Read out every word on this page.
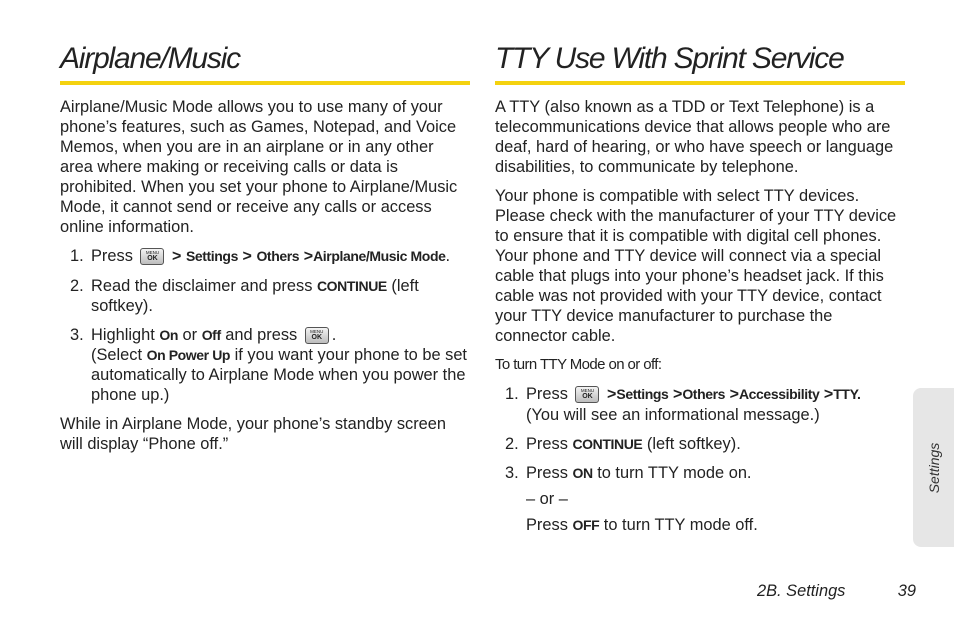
Airplane/Music

Airplane/Music Mode allows you to use many of your phone’s features, such as Games, Notepad, and Voice Memos, when you are in an airplane or in any other area where making or receiving calls or data is prohibited. When you set your phone to Airplane/Music Mode, it cannot send or receive any calls or access online information.

1. Press	MENU
OK > Settings > Others >Airplane/Music Mode.
2. Read the disclaimer and press CONTINUE (left softkey).
3. Highlight On or Off and press	MENU
OK .
(Select On Power Up if you want your phone to be set automatically to Airplane Mode when you power the phone up.)

While in Airplane Mode, your phone’s standby screen will display “Phone off.”

TTY Use With Sprint Service

A TTY (also known as a TDD or Text Telephone) is a telecommunications device that allows people who are deaf, hard of hearing, or who have speech or language disabilities, to communicate by telephone.

Your phone is compatible with select TTY devices. Please check with the manufacturer of your TTY device to ensure that it is compatible with digital cell phones. Your phone and TTY device will connect via a special cable that plugs into your phone’s headset jack. If this cable was not provided with your TTY device, contact your TTY device manufacturer to purchase the connector cable.

To turn TTY Mode on or off:

1. Press	MENU
OK >Settings >Others >Accessibility >TTY.
(You will see an informational message.)
2. Press CONTINUE (left softkey).
3. Press ON to turn TTY mode on.
– or –
Press OFF to turn TTY mode off.
Settings
2B. Settings	39
